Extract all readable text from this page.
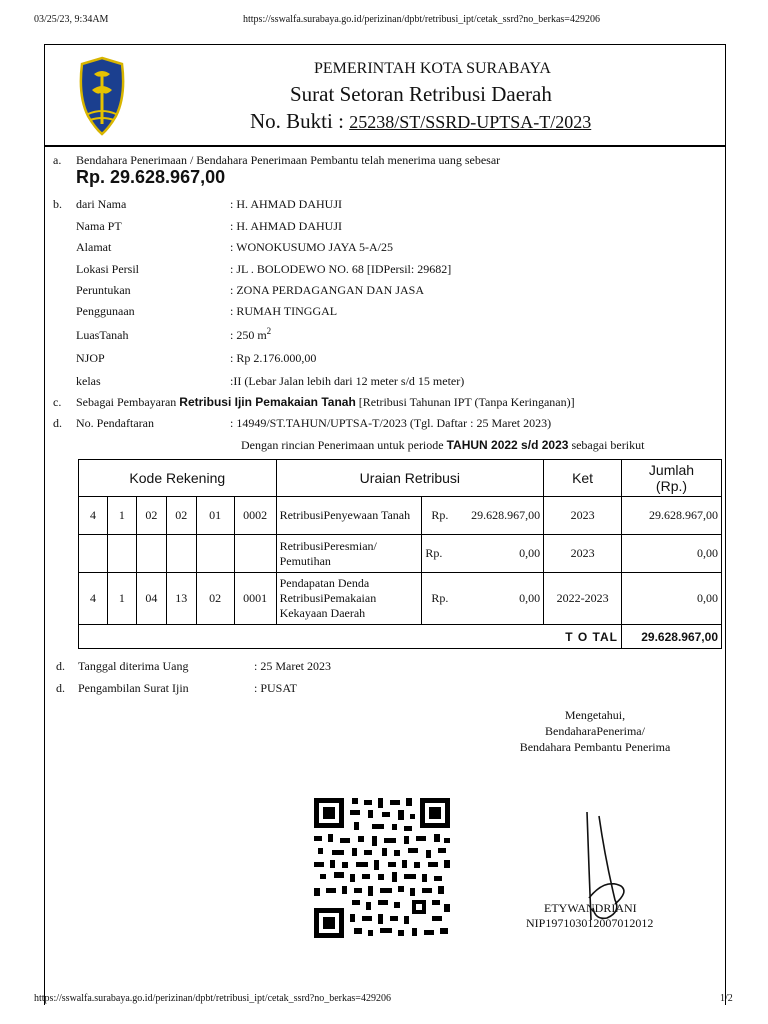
03/25/23, 9:34AM	https://sswalfa.surabaya.go.id/perizinan/dpbt/retribusi_ipt/cetak_ssrd?no_berkas=429206
PEMERINTAH KOTA SURABAYA
Surat Setoran Retribusi Daerah
No. Bukti : 25238/ST/SSRD-UPTSA-T/2023
a. Bendahara Penerimaan / Bendahara Penerimaan Pembantu telah menerima uang sebesar
Rp. 29.628.967,00
b. dari Nama	: H. AHMAD DAHUJI
Nama PT	: H. AHMAD DAHUJI
Alamat	: WONOKUSUMO JAYA 5-A/25
Lokasi Persil	: JL . BOLODEWO NO. 68 [IDPersil: 29682]
Peruntukan	: ZONA PERDAGANGAN DAN JASA
Penggunaan	: RUMAH TINGGAL
LuasTanah	: 250 $m^2$
NJOP	: Rp 2.176.000,00
kelas	:II (Lebar Jalan lebih dari 12 meter s/d 15 meter)
c. Sebagai Pembayaran Retribusi Ijin Pemakaian Tanah [Retribusi Tahunan IPT (Tanpa Keringanan)]
d. No. Pendaftaran	: 14949/ST.TAHUN/UPTSA-T/2023 (Tgl. Daftar : 25 Maret 2023)
Dengan rincian Penerimaan untuk periode TAHUN 2022 s/d 2023 sebagai berikut
Kode Rekening						Uraian Retribusi		Ket	Jumlah
(Rp.)
4	1	02	02	01	0002	RetribusiPenyewaan Tanah	Rp. 29.628.967,00	2023	29.628.967,00
						RetribusiPeresmian/ Pemutihan	Rp. 0,00	2023	0,00
4	1	04	13	02	0001	Pendapatan Denda RetribusiPemakaian Kekayaan Daerah	Rp. 0,00	2022-2023	0,00
T O TAL									29.628.967,00
d. Tanggal diterima Uang	: 25 Maret 2023
d. Pengambilan Surat Ijin	: PUSAT
Mengetahui,
BendaharaPenerima/
Bendahara Pembantu Penerima
ETYWANDRIANI
NIP197103012007012012
https://sswalfa.surabaya.go.id/perizinan/dpbt/retribusi_ipt/cetak_ssrd?no_berkas=429206	1/2
